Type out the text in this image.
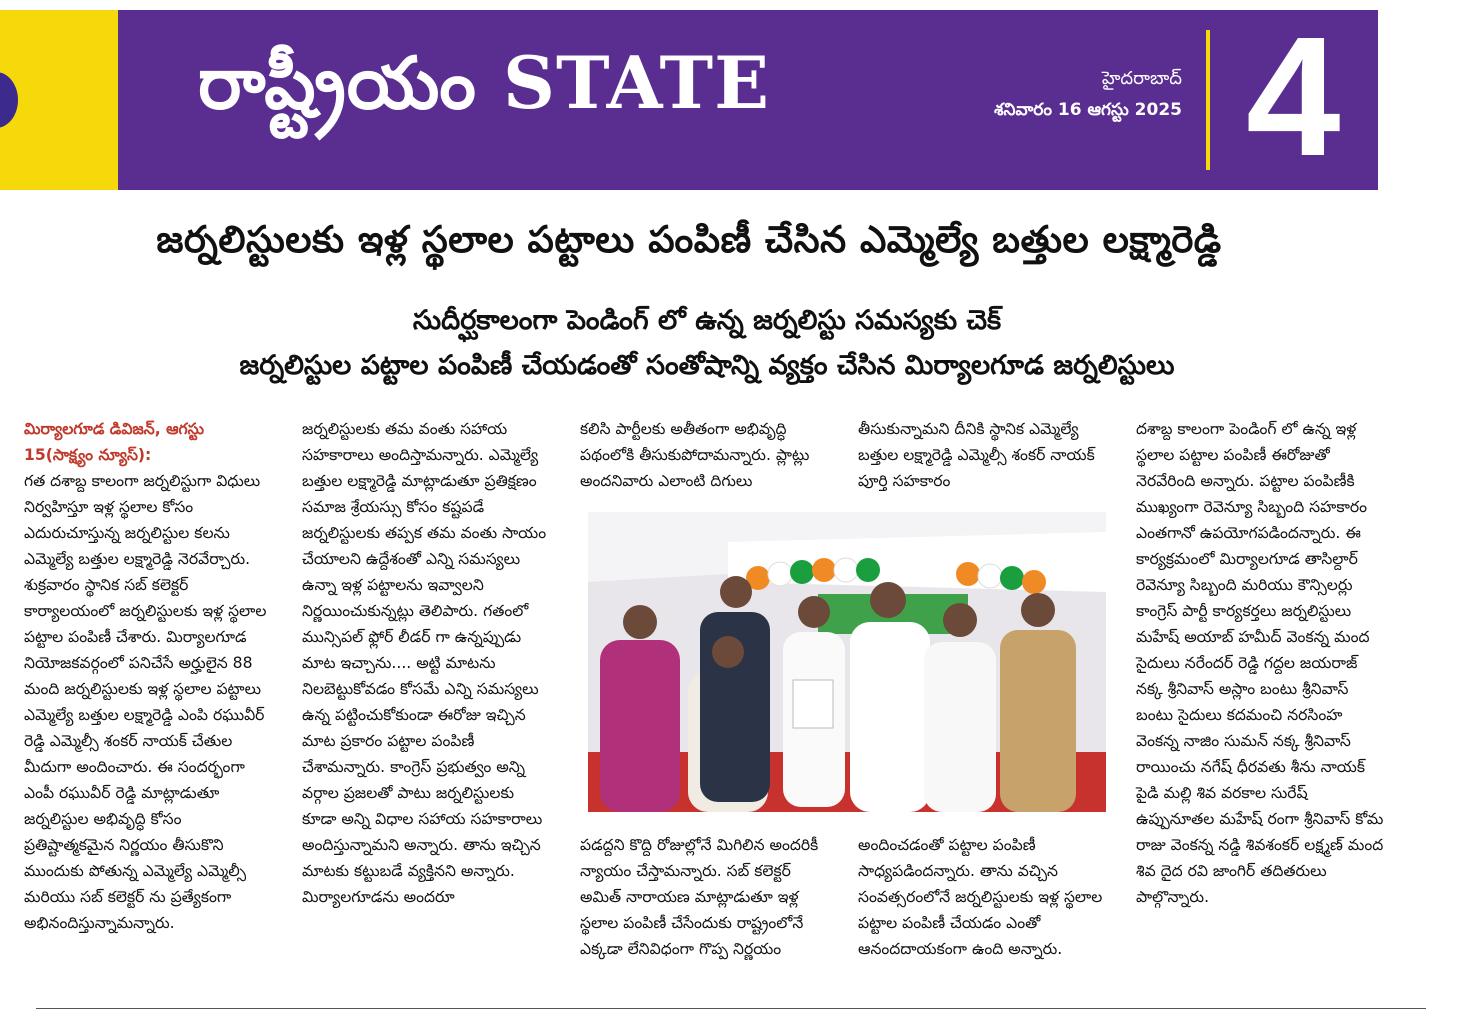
రాష్ట్రీయం STATE	హైదరాబాద్
శనివారం 16 ఆగస్టు 2025 4
జర్నలిస్టులకు ఇళ్ల స్థలాల పట్టాలు పంపిణీ చేసిన ఎమ్మెల్యే బత్తుల లక్ష్మారెడ్డి
సుదీర్ఘకాలంగా పెండింగ్ లో ఉన్న జర్నలిస్టు సమస్యకు చెక్
జర్నలిస్టుల పట్టాల పంపిణీ చేయడంతో సంతోషాన్ని వ్యక్తం చేసిన మిర్యాలగూడ జర్నలిస్టులు

మిర్యాలగూడ డివిజన్, ఆగస్టు 15(సాక్ష్యం న్యూస్):

గత దశాబ్ద కాలంగా జర్నలిస్టుగా విధులు నిర్వహిస్తూ ఇళ్ల స్థలాల కోసం ఎదురుచూస్తున్న జర్నలిస్టుల కలను ఎమ్మెల్యే బత్తుల లక్ష్మారెడ్డి నెరవేర్చారు. శుక్రవారం స్థానిక సబ్ కలెక్టర్ కార్యాలయంలో జర్నలిస్టులకు ఇళ్ల స్థలాల పట్టాల పంపిణీ చేశారు. మిర్యాలగూడ నియోజకవర్గంలో పనిచేసే అర్హులైన 88 మంది జర్నలిస్టులకు ఇళ్ల స్థలాల పట్టాలు ఎమ్మెల్యే బత్తుల లక్ష్మారెడ్డి ఎంపి రఘువీర్ రెడ్డి ఎమ్మెల్సీ శంకర్ నాయక్ చేతుల మీదుగా అందించారు. ఈ సందర్భంగా ఎంపీ రఘువీర్ రెడ్డి మాట్లాడుతూ జర్నలిస్టుల అభివృద్ధి కోసం ప్రతిష్టాత్మకమైన నిర్ణయం తీసుకొని ముందుకు పోతున్న ఎమ్మెల్యే ఎమ్మెల్సీ మరియు సబ్ కలెక్టర్ ను ప్రత్యేకంగా అభినందిస్తున్నామన్నారు.

జర్నలిస్టులకు తమ వంతు సహాయ సహకారాలు అందిస్తామన్నారు. ఎమ్మెల్యే బత్తుల లక్ష్మారెడ్డి మాట్లాడుతూ ప్రతిక్షణం సమాజ శ్రేయస్సు కోసం కష్టపడే జర్నలిస్టులకు తప్పక తమ వంతు సాయం చేయాలని ఉద్దేశంతో ఎన్ని సమస్యలు ఉన్నా ఇళ్ల పట్టాలను ఇవ్వాలని నిర్ణయించుకున్నట్లు తెలిపారు. గతంలో మున్సిపల్ ఫ్లోర్ లీడర్ గా ఉన్నప్పుడు మాట ఇచ్చాను.... అట్టి మాటను నిలబెట్టుకోవడం కోసమే ఎన్ని సమస్యలు ఉన్న పట్టించుకోకుండా ఈరోజు ఇచ్చిన మాట ప్రకారం పట్టాల పంపిణీ చేశామన్నారు. కాంగ్రెస్ ప్రభుత్వం అన్ని వర్గాల ప్రజలతో పాటు జర్నలిస్టులకు కూడా అన్ని విధాల సహాయ సహకారాలు అందిస్తున్నామని అన్నారు. తాను ఇచ్చిన మాటకు కట్టుబడే వ్యక్తినని అన్నారు. మిర్యాలగూడను అందరూ

కలిసి పార్టీలకు అతీతంగా అభివృద్ధి పథంలోకి తీసుకుపోదామన్నారు. ప్లాట్లు అందనివారు ఎలాంటి దిగులు

తీసుకున్నామని దీనికి స్థానిక ఎమ్మెల్యే బత్తుల లక్ష్మారెడ్డి ఎమ్మెల్సీ శంకర్ నాయక్ పూర్తి సహకారం

పడద్దని కొద్ది రోజుల్లోనే మిగిలిన అందరికీ న్యాయం చేస్తామన్నారు. సబ్ కలెక్టర్ అమిత్ నారాయణ మాట్లాడుతూ ఇళ్ల స్థలాల పంపిణీ చేసేందుకు రాష్ట్రంలోనే ఎక్కడా లేనివిధంగా గొప్ప నిర్ణయం

అందించడంతో పట్టాల పంపిణీ సాధ్యపడిందన్నారు. తాను వచ్చిన సంవత్సరంలోనే జర్నలిస్టులకు ఇళ్ల స్థలాల పట్టాల పంపిణీ చేయడం ఎంతో ఆనందదాయకంగా ఉంది అన్నారు.

దశాబ్ద కాలంగా పెండింగ్ లో ఉన్న ఇళ్ల స్థలాల పట్టాల పంపిణీ ఈరోజుతో నెరవేరింది అన్నారు. పట్టాల పంపిణీకి ముఖ్యంగా రెవెన్యూ సిబ్బంది సహకారం ఎంతగానో ఉపయోగపడిందన్నారు. ఈ కార్యక్రమంలో మిర్యాలగూడ తాసిల్దార్ రెవెన్యూ సిబ్బంది మరియు కౌన్సిలర్లు కాంగ్రెస్ పార్టీ కార్యకర్తలు జర్నలిస్టులు మహేష్ అయాబ్ హమీద్ వెంకన్న మంద సైదులు నరేందర్ రెడ్డి గద్దల జయరాజ్ నక్క శ్రీనివాస్ అస్లాం బంటు శ్రీనివాస్ బంటు సైదులు కదమంచి నరసింహ వెంకన్న నాజిం సుమన్ నక్క శ్రీనివాస్ రాయించు నగేష్ ధీరవతు శీను నాయక్ పైడి మల్లి శివ వరకాల సురేష్ ఉప్పునూతల మహేష్ రంగా శ్రీనివాస్ కోమ రాజు వెంకన్న నడ్డి శివశంకర్ లక్ష్మణ్ మంద శివ దైద రవి జాంగిర్ తదితరులు పాల్గొన్నారు.
